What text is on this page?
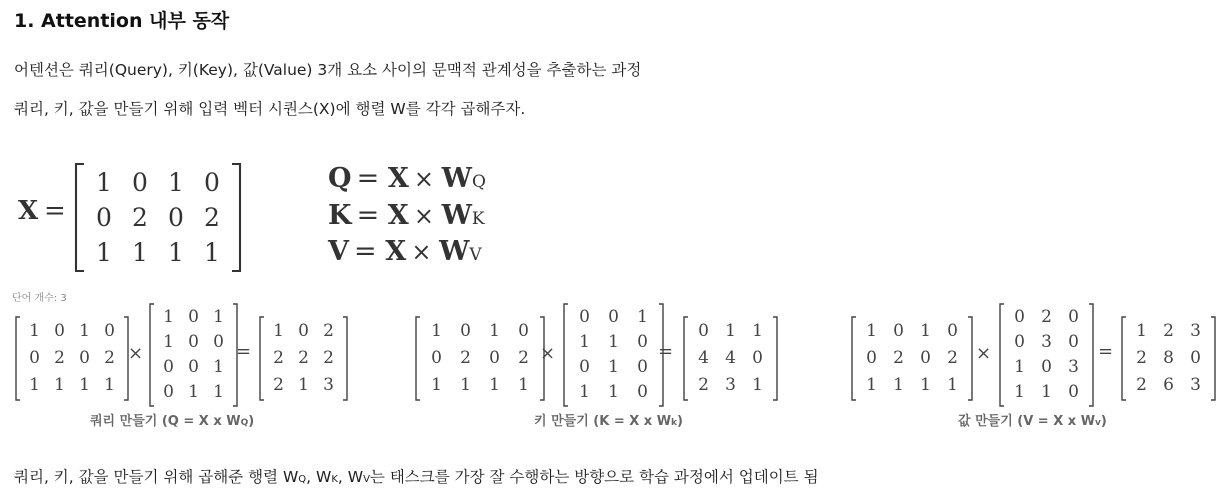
1. Attention 내부 동작
어텐션은 쿼리(Query), 키(Key), 값(Value) 3개 요소 사이의 문맥적 관계성을 추출하는 과정
쿼리, 키, 값을 만들기 위해 입력 벡터 시퀀스(X)에 행렬 W를 각각 곱해주자.
X =
1 0 1 0
0 2 0 2
1 1 1 1
Q = X × WQ
K = X × WK
V = X × WV
단어 개수: 3
1 0 1 0
0 2 0 2
1 1 1 1
×
1 0 1
1 0 0
0 0 1
0 1 1
=
1 0 2
2 2 2
2 1 3
쿼리 만들기 (Q = X x WQ)
1	0	1	0
0	2	0	2
1	1	1	1
×
0	0	1
1	1	0
0	1	0
1	1	0
=
0 1 1
4 4 0
2 3 1
키 만들기 (K = X x Wk)
1 0 1 0
0 2 0 2
1 1 1 1
×
0 2 0
0 3 0
1 0 3
1 1 0
=
1 2 3
2 8 0
2 6 3
값 만들기 (V = X x Wv)
쿼리, 키, 값을 만들기 위해 곱해준 행렬 WQ, WK, WV는 태스크를 가장 잘 수행하는 방향으로 학습 과정에서 업데이트 됨
